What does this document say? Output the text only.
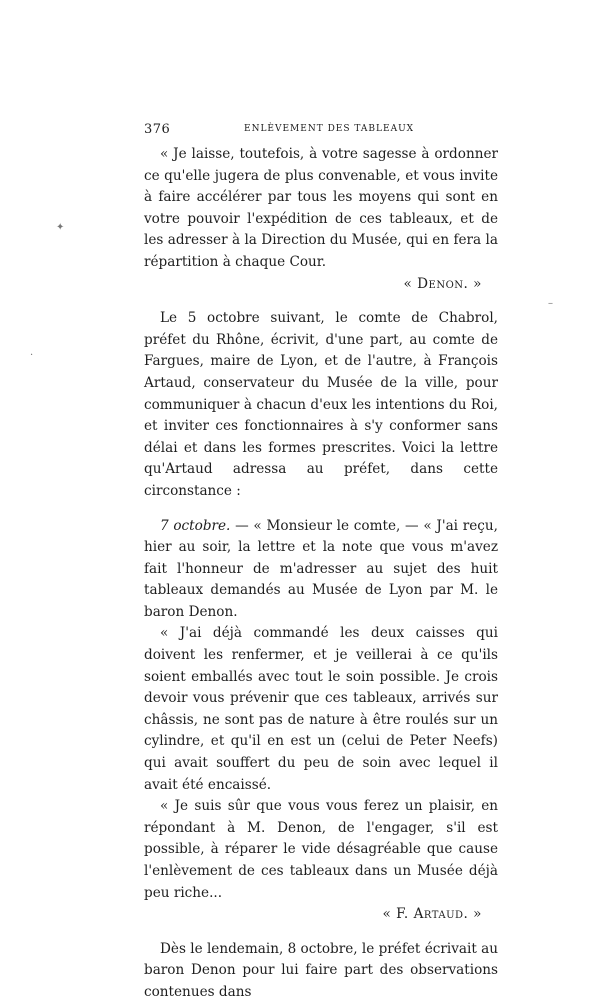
376	ENLÈVEMENT DES TABLEAUX

« Je laisse, toutefois, à votre sagesse à ordonner ce qu'elle jugera de plus convenable, et vous invite à faire accélérer par tous les moyens qui sont en votre pouvoir l'expédition de ces tableaux, et de les adresser à la Direction du Musée, qui en fera la répartition à chaque Cour.

« Denon. »

Le 5 octobre suivant, le comte de Chabrol, préfet du Rhône, écrivit, d'une part, au comte de Fargues, maire de Lyon, et de l'autre, à François Artaud, conservateur du Musée de la ville, pour communiquer à chacun d'eux les intentions du Roi, et inviter ces fonctionnaires à s'y conformer sans délai et dans les formes prescrites. Voici la lettre qu'Artaud adressa au préfet, dans cette circonstance :

7 octobre. — « Monsieur le comte, — « J'ai reçu, hier au soir, la lettre et la note que vous m'avez fait l'honneur de m'adresser au sujet des huit tableaux demandés au Musée de Lyon par M. le baron Denon.

« J'ai déjà commandé les deux caisses qui doivent les renfermer, et je veillerai à ce qu'ils soient emballés avec tout le soin possible. Je crois devoir vous prévenir que ces tableaux, arrivés sur châssis, ne sont pas de nature à être roulés sur un cylindre, et qu'il en est un (celui de Peter Neefs) qui avait souffert du peu de soin avec lequel il avait été encaissé.

« Je suis sûr que vous vous ferez un plaisir, en répondant à M. Denon, de l'engager, s'il est possible, à réparer le vide désagréable que cause l'enlèvement de ces tableaux dans un Musée déjà peu riche...

« F. Artaud. »

Dès le lendemain, 8 octobre, le préfet écrivait au baron Denon pour lui faire part des observations contenues dans

✦
·
–
